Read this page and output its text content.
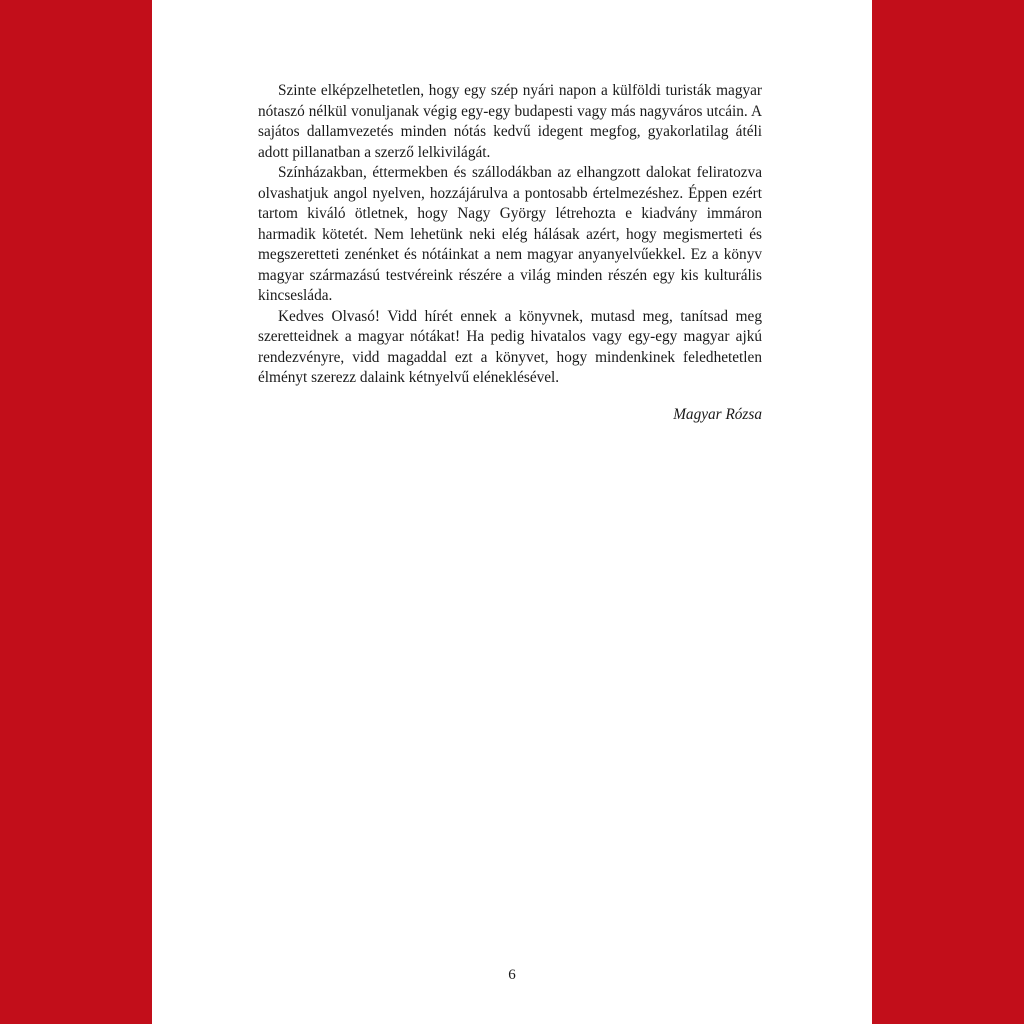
Szinte elképzelhetetlen, hogy egy szép nyári napon a külföldi turisták magyar nótaszó nélkül vonuljanak végig egy-egy budapesti vagy más nagyváros utcáin. A sajátos dallamvezetés minden nótás kedvű idegent megfog, gyakorlatilag átéli adott pillanatban a szerző lelkivilágát.

Színházakban, éttermekben és szállodákban az elhangzott dalokat feliratozva olvashatjuk angol nyelven, hozzájárulva a pontosabb értelmezéshez. Éppen ezért tartom kiváló ötletnek, hogy Nagy György létrehozta e kiadvány immáron harmadik kötetét. Nem lehetünk neki elég hálásak azért, hogy megismerteti és megszeretteti zenénket és nótáinkat a nem magyar anyanyelvűekkel. Ez a könyv magyar származású testvéreink részére a világ minden részén egy kis kulturális kincsesláda.

Kedves Olvasó! Vidd hírét ennek a könyvnek, mutasd meg, tanítsad meg szeretteidnek a magyar nótákat! Ha pedig hivatalos vagy egy-egy magyar ajkú rendezvényre, vidd magaddal ezt a könyvet, hogy mindenkinek feledhetetlen élményt szerezz dalaink kétnyelvű eléneklésével.

Magyar Rózsa

6
